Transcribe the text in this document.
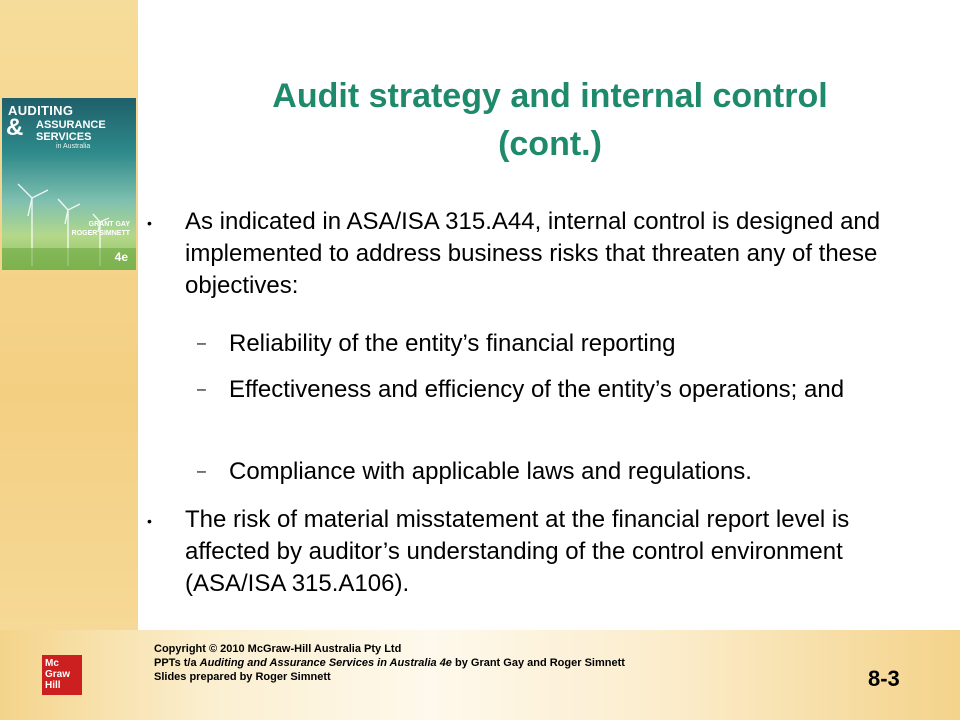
AUDITING
& ASSURANCE
SERVICES
in Australia
GRANT GAY
ROGER SIMNETT
4e
Audit strategy and internal control
(cont.)
•	As indicated in ASA/ISA 315.A44, internal control is designed and implemented to address business risks that threaten any of these objectives:
– Reliability of the entity’s financial reporting
– Effectiveness and efficiency of the entity’s operations; and
– Compliance with applicable laws and regulations.
•	The risk of material misstatement at the financial report level is affected by auditor’s understanding of the control environment (ASA/ISA 315.A106).
Mc
Graw
Hill
Copyright © 2010 McGraw-Hill Australia Pty Ltd
PPTs t/a Auditing and Assurance Services in Australia 4e by Grant Gay and Roger Simnett
Slides prepared by Roger Simnett	8-3
